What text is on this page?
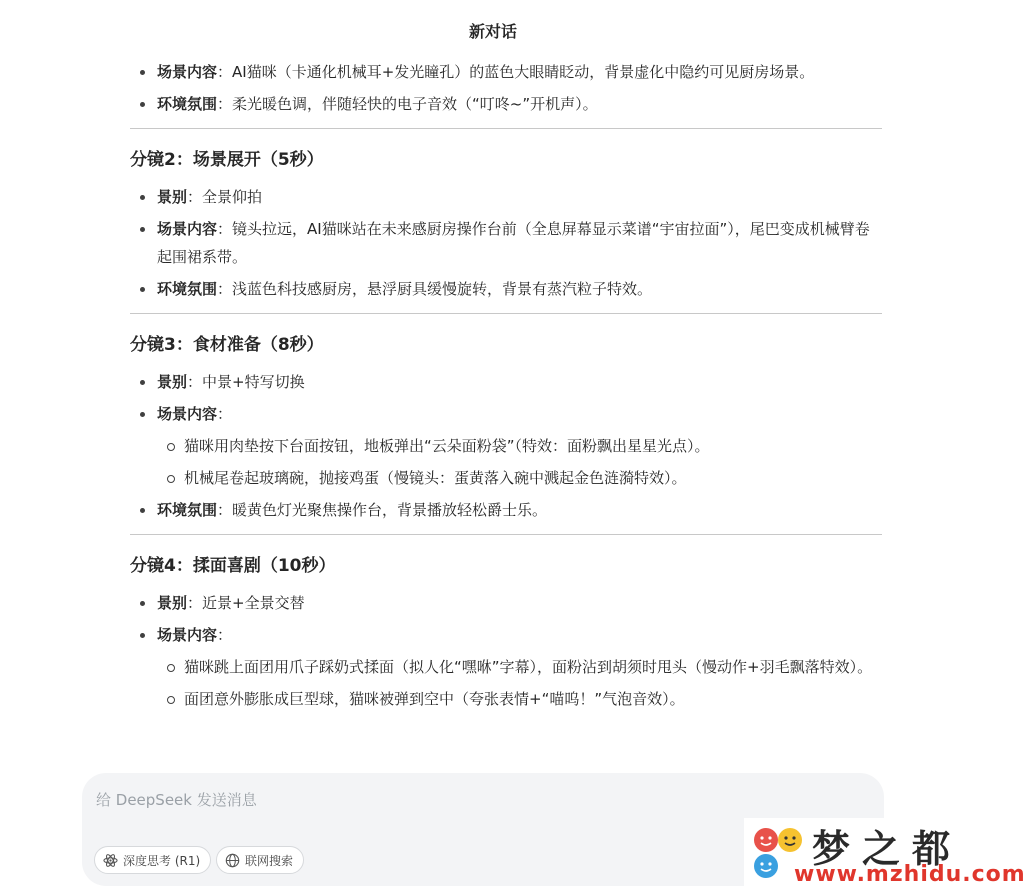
新对话
场景内容：AI猫咪（卡通化机械耳+发光瞳孔）的蓝色大眼睛眨动，背景虚化中隐约可见厨房场景。
环境氛围：柔光暖色调，伴随轻快的电子音效（“叮咚~”开机声）。
分镜2：场景展开（5秒）
景别：全景仰拍
场景内容：镜头拉远，AI猫咪站在未来感厨房操作台前（全息屏幕显示菜谱“宇宙拉面”），尾巴变成机械臂卷起围裙系带。
环境氛围：浅蓝色科技感厨房，悬浮厨具缓慢旋转，背景有蒸汽粒子特效。
分镜3：食材准备（8秒）
景别：中景+特写切换
场景内容：
猫咪用肉垫按下台面按钮，地板弹出“云朵面粉袋”（特效：面粉飘出星星光点）。
机械尾卷起玻璃碗，抛接鸡蛋（慢镜头：蛋黄落入碗中溅起金色涟漪特效）。
环境氛围：暖黄色灯光聚焦操作台，背景播放轻松爵士乐。
分镜4：揉面喜剧（10秒）
景别：近景+全景交替
场景内容：
猫咪跳上面团用爪子踩奶式揉面（拟人化“嘿咻”字幕），面粉沾到胡须时甩头（慢动作+羽毛飘落特效）。
面团意外膨胀成巨型球，猫咪被弹到空中（夸张表情+“喵呜！”气泡音效）。
给 DeepSeek 发送消息
深度思考 (R1)	联网搜索	梦之都
www.mzhidu.com
